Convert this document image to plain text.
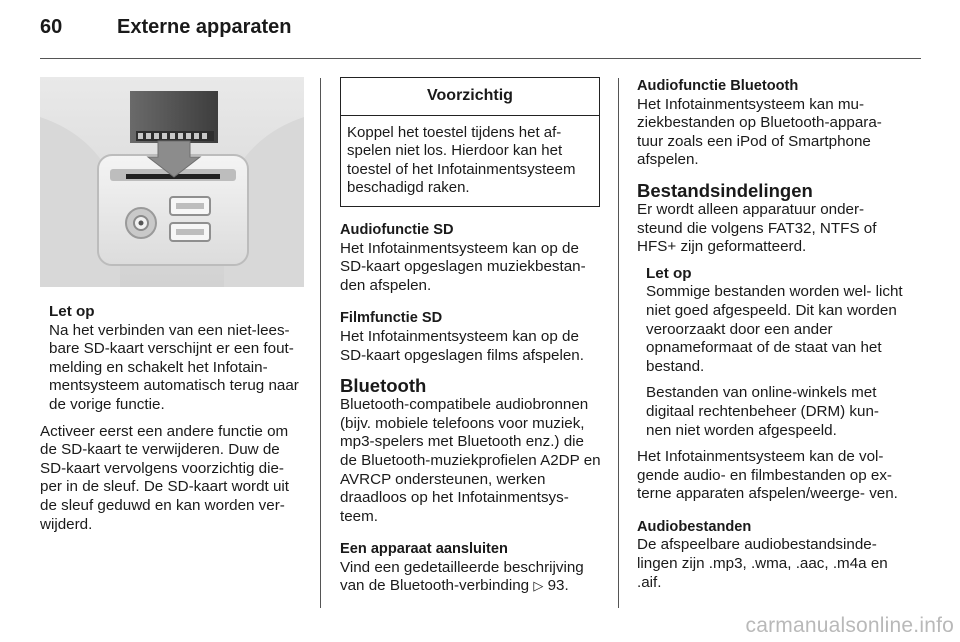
60	Externe apparaten

Let op

Na het verbinden van een niet-lees- bare SD-kaart verschijnt er een fout- melding en schakelt het Infotain- mentsysteem automatisch terug naar de vorige functie.

Activeer eerst een andere functie om de SD-kaart te verwijderen. Duw de SD-kaart vervolgens voorzichtig die- per in de sleuf. De SD-kaart wordt uit de sleuf geduwd en kan worden ver- wijderd.

Voorzichtig
Koppel het toestel tijdens het af- spelen niet los. Hierdoor kan het toestel of het Infotainmentsysteem beschadigd raken.

Audiofunctie SD

Het Infotainmentsysteem kan op de SD-kaart opgeslagen muziekbestan- den afspelen.

Filmfunctie SD

Het Infotainmentsysteem kan op de SD-kaart opgeslagen films afspelen.

Bluetooth

Bluetooth-compatibele audiobronnen (bijv. mobiele telefoons voor muziek, mp3-spelers met Bluetooth enz.) die de Bluetooth-muziekprofielen A2DP en AVRCP ondersteunen, werken draadloos op het Infotainmentsys- teem.

Een apparaat aansluiten

Vind een gedetailleerde beschrijving van de Bluetooth-verbinding ▷ 93.

Audiofunctie Bluetooth

Het Infotainmentsysteem kan mu- ziekbestanden op Bluetooth-appara- tuur zoals een iPod of Smartphone afspelen.

Bestandsindelingen

Er wordt alleen apparatuur onder- steund die volgens FAT32, NTFS of HFS+ zijn geformatteerd.

Let op

Sommige bestanden worden wel- licht niet goed afgespeeld. Dit kan worden veroorzaakt door een ander opnameformaat of de staat van het bestand.

Bestanden van online-winkels met digitaal rechtenbeheer (DRM) kun- nen niet worden afgespeeld.

Het Infotainmentsysteem kan de vol- gende audio- en filmbestanden op ex- terne apparaten afspelen/weerge- ven.

Audiobestanden

De afspeelbare audiobestandsinde- lingen zijn .mp3, .wma, .aac, .m4a en .aif.

carmanualsonline.info
